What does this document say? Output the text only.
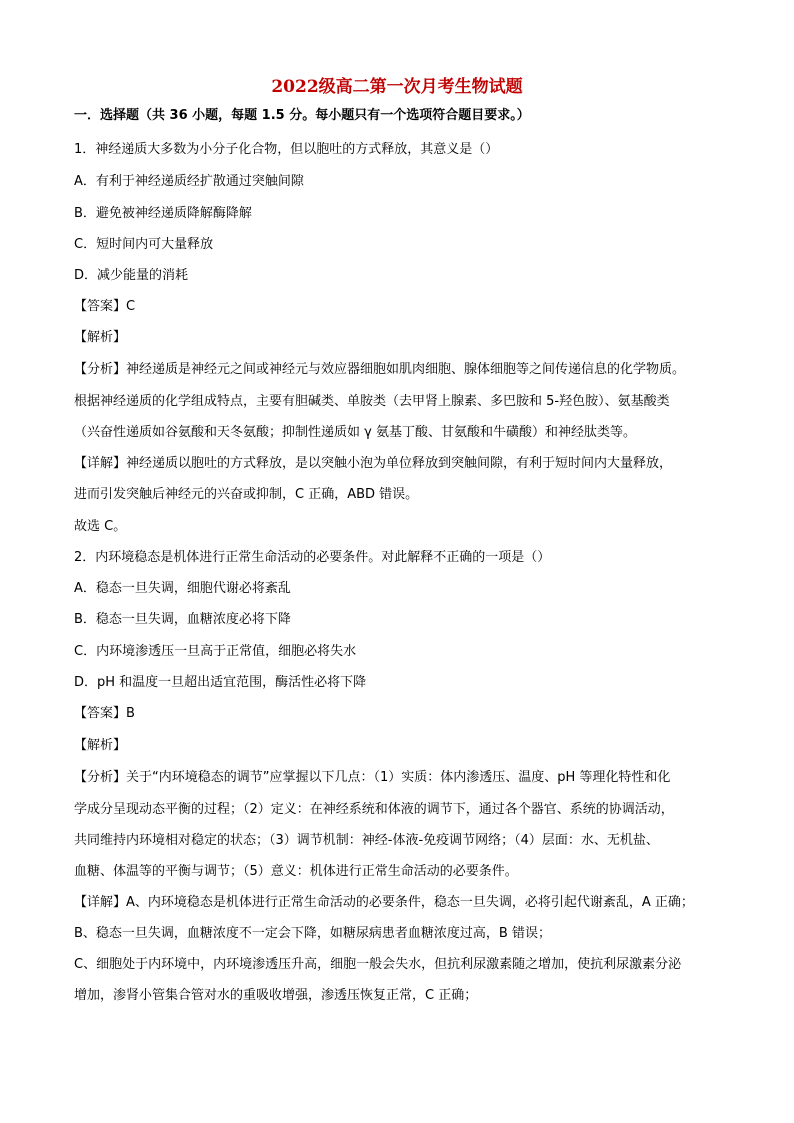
2022级高二第一次月考生物试题
一．选择题（共 36 小题，每题 1.5 分。每小题只有一个选项符合题目要求。）
1．神经递质大多数为小分子化合物，但以胞吐的方式释放，其意义是（）
A．有利于神经递质经扩散通过突触间隙
B．避免被神经递质降解酶降解
C．短时间内可大量释放
D．减少能量的消耗
【答案】C
【解析】
【分析】神经递质是神经元之间或神经元与效应器细胞如肌肉细胞、腺体细胞等之间传递信息的化学物质。
根据神经递质的化学组成特点，主要有胆碱类、单胺类（去甲肾上腺素、多巴胺和 5-羟色胺）、氨基酸类
（兴奋性递质如谷氨酸和天冬氨酸；抑制性递质如 γ 氨基丁酸、甘氨酸和牛磺酸）和神经肽类等。
【详解】神经递质以胞吐的方式释放，是以突触小泡为单位释放到突触间隙，有利于短时间内大量释放，
进而引发突触后神经元的兴奋或抑制，C 正确，ABD 错误。
故选 C。
2．内环境稳态是机体进行正常生命活动的必要条件。对此解释不正确的一项是（）
A．稳态一旦失调，细胞代谢必将紊乱
B．稳态一旦失调，血糖浓度必将下降
C．内环境渗透压一旦高于正常值，细胞必将失水
D．pH 和温度一旦超出适宜范围，酶活性必将下降
【答案】B
【解析】
【分析】关于“内环境稳态的调节”应掌握以下几点：（1）实质：体内渗透压、温度、pH 等理化特性和化
学成分呈现动态平衡的过程；（2）定义：在神经系统和体液的调节下，通过各个器官、系统的协调活动，
共同维持内环境相对稳定的状态；（3）调节机制：神经-体液-免疫调节网络；（4）层面：水、无机盐、
血糖、体温等的平衡与调节；（5）意义：机体进行正常生命活动的必要条件。
【详解】A、内环境稳态是机体进行正常生命活动的必要条件，稳态一旦失调，必将引起代谢紊乱，A 正确；
B、稳态一旦失调，血糖浓度不一定会下降，如糖尿病患者血糖浓度过高，B 错误；
C、细胞处于内环境中，内环境渗透压升高，细胞一般会失水，但抗利尿激素随之增加，使抗利尿激素分泌
增加，渗肾小管集合管对水的重吸收增强，渗透压恢复正常，C 正确；
